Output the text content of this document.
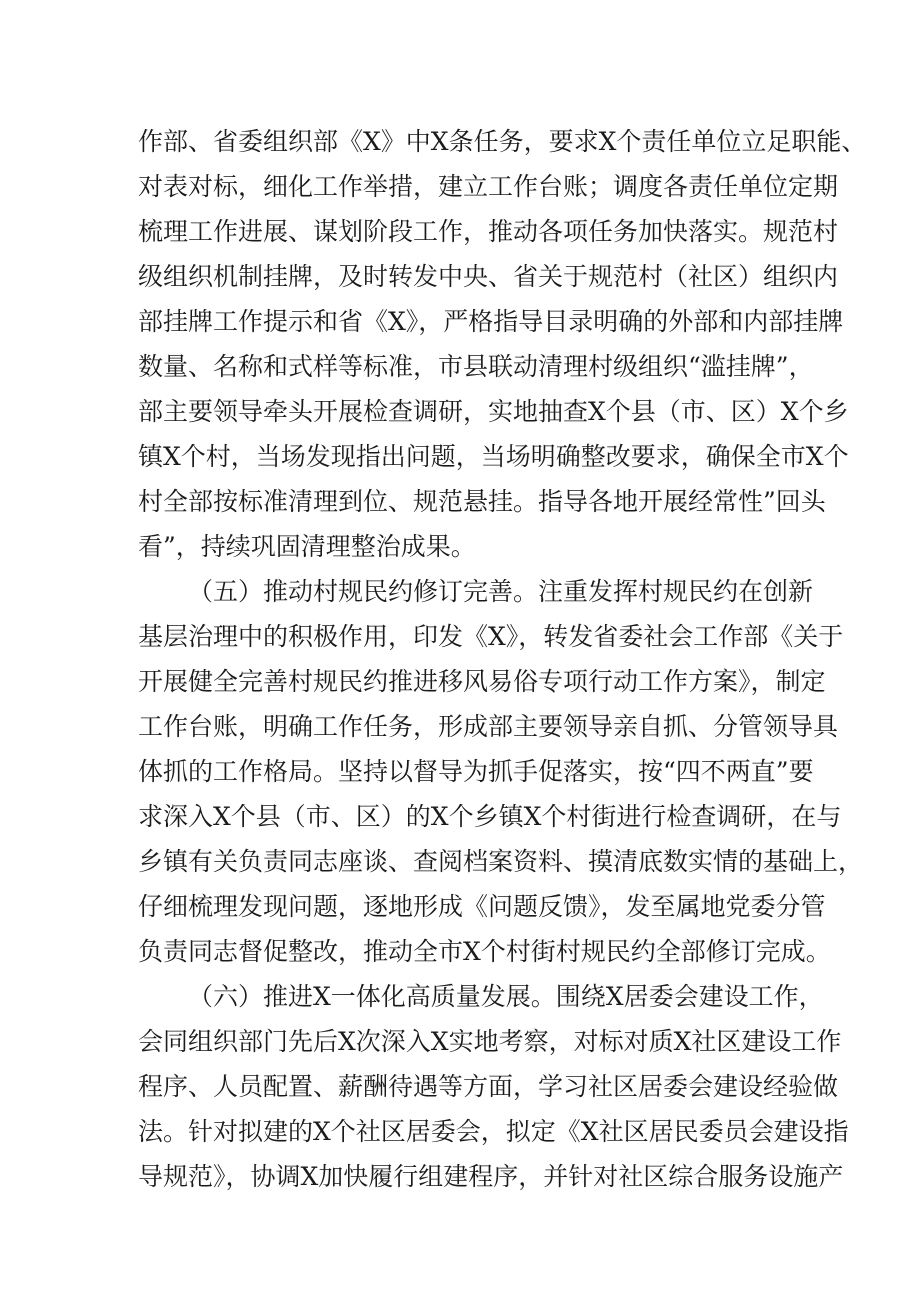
作部、省委组织部《X》中X条任务，要求X个责任单位立足职能、
对表对标，细化工作举措，建立工作台账；调度各责任单位定期
梳理工作进展、谋划阶段工作，推动各项任务加快落实。规范村
级组织机制挂牌，及时转发中央、省关于规范村（社区）组织内
部挂牌工作提示和省《X》，严格指导目录明确的外部和内部挂牌
数量、名称和式样等标准，市县联动清理村级组织“滥挂牌”，
部主要领导牵头开展检查调研，实地抽查X个县（市、区）X个乡
镇X个村，当场发现指出问题，当场明确整改要求，确保全市X个
村全部按标准清理到位、规范悬挂。指导各地开展经常性”回头
看”，持续巩固清理整治成果。
（五）推动村规民约修订完善。注重发挥村规民约在创新
基层治理中的积极作用，印发《X》，转发省委社会工作部《关于
开展健全完善村规民约推进移风易俗专项行动工作方案》，制定
工作台账，明确工作任务，形成部主要领导亲自抓、分管领导具
体抓的工作格局。坚持以督导为抓手促落实，按“四不两直”要
求深入X个县（市、区）的X个乡镇X个村街进行检查调研，在与
乡镇有关负责同志座谈、查阅档案资料、摸清底数实情的基础上，
仔细梳理发现问题，逐地形成《问题反馈》，发至属地党委分管
负责同志督促整改，推动全市X个村街村规民约全部修订完成。
（六）推进X一体化高质量发展。围绕X居委会建设工作，
会同组织部门先后X次深入X实地考察，对标对质X社区建设工作
程序、人员配置、薪酬待遇等方面，学习社区居委会建设经验做
法。针对拟建的X个社区居委会，拟定《X社区居民委员会建设指
导规范》，协调X加快履行组建程序，并针对社区综合服务设施产
